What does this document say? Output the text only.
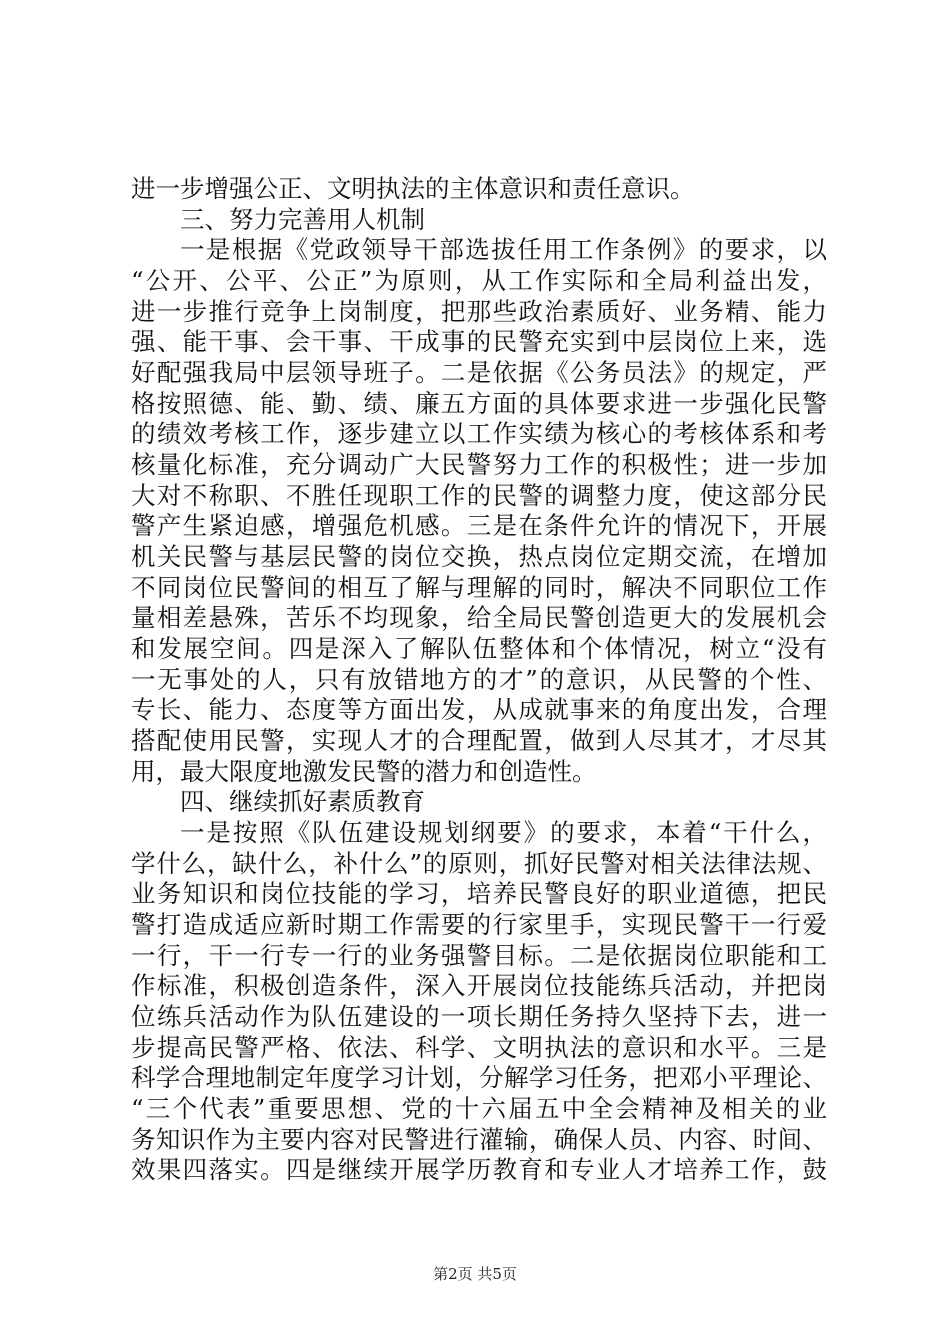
进一步增强公正、文明执法的主体意识和责任意识。
三、努力完善用人机制
一是根据《党政领导干部选拔任用工作条例》的要求，以
“公开、公平、公正”为原则，从工作实际和全局利益出发，
进一步推行竞争上岗制度，把那些政治素质好、业务精、能力
强、能干事、会干事、干成事的民警充实到中层岗位上来，选
好配强我局中层领导班子。二是依据《公务员法》的规定，严
格按照德、能、勤、绩、廉五方面的具体要求进一步强化民警
的绩效考核工作，逐步建立以工作实绩为核心的考核体系和考
核量化标准，充分调动广大民警努力工作的积极性；进一步加
大对不称职、不胜任现职工作的民警的调整力度，使这部分民
警产生紧迫感，增强危机感。三是在条件允许的情况下，开展
机关民警与基层民警的岗位交换，热点岗位定期交流，在增加
不同岗位民警间的相互了解与理解的同时，解决不同职位工作
量相差悬殊，苦乐不均现象，给全局民警创造更大的发展机会
和发展空间。四是深入了解队伍整体和个体情况，树立“没有
一无事处的人，只有放错地方的才”的意识，从民警的个性、
专长、能力、态度等方面出发，从成就事来的角度出发，合理
搭配使用民警，实现人才的合理配置，做到人尽其才，才尽其
用，最大限度地激发民警的潜力和创造性。
四、继续抓好素质教育
一是按照《队伍建设规划纲要》的要求，本着“干什么，
学什么，缺什么，补什么”的原则，抓好民警对相关法律法规、
业务知识和岗位技能的学习，培养民警良好的职业道德，把民
警打造成适应新时期工作需要的行家里手，实现民警干一行爱
一行，干一行专一行的业务强警目标。二是依据岗位职能和工
作标准，积极创造条件，深入开展岗位技能练兵活动，并把岗
位练兵活动作为队伍建设的一项长期任务持久坚持下去，进一
步提高民警严格、依法、科学、文明执法的意识和水平。三是
科学合理地制定年度学习计划，分解学习任务，把邓小平理论、
“三个代表”重要思想、党的十六届五中全会精神及相关的业
务知识作为主要内容对民警进行灌输，确保人员、内容、时间、
效果四落实。四是继续开展学历教育和专业人才培养工作，鼓
第2页 共5页
